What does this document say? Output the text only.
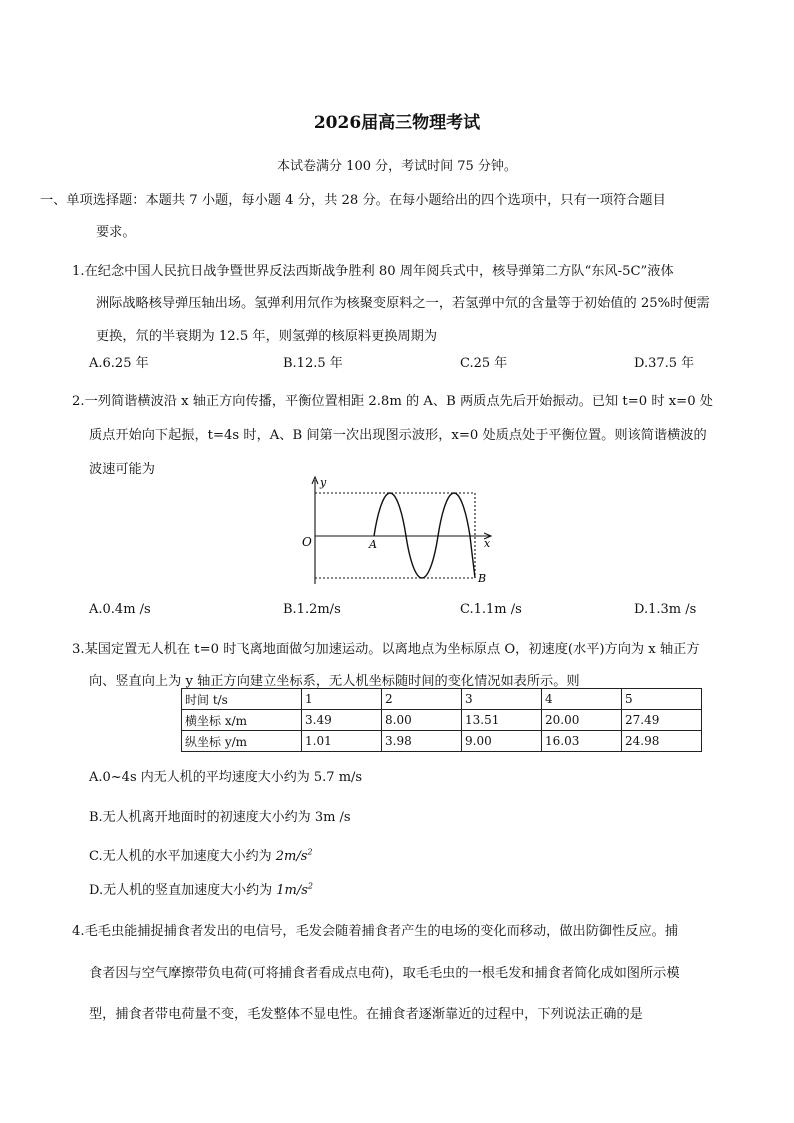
2026届高三物理考试
本试卷满分 100 分，考试时间 75 分钟。
一、单项选择题：本题共 7 小题，每小题 4 分，共 28 分。在每小题给出的四个选项中，只有一项符合题目
要求。
1.在纪念中国人民抗日战争暨世界反法西斯战争胜利 80 周年阅兵式中，核导弹第二方队“东风-5C”液体
洲际战略核导弹压轴出场。氢弹利用氘作为核聚变原料之一，若氢弹中氘的含量等于初始值的 25%时便需
更换，氘的半衰期为 12.5 年，则氢弹的核原料更换周期为
A.6.25 年	B.12.5 年	C.25 年	D.37.5 年
2.一列简谐横波沿 x 轴正方向传播，平衡位置相距 2.8m 的 A、B 两质点先后开始振动。已知 t=0 时 x=0 处
质点开始向下起振，t=4s 时，A、B 间第一次出现图示波形，x=0 处质点处于平衡位置。则该简谐横波的
波速可能为
y
x
O	A
B
A.0.4m /s	B.1.2m/s	C.1.1m /s	D.1.3m /s
3.某国定置无人机在 t=0 时飞离地面做匀加速运动。以离地点为坐标原点 O，初速度(水平)方向为 x 轴正方
向、竖直向上为 y 轴正方向建立坐标系，无人机坐标随时间的变化情况如表所示。则
时间 t/s	1	2	3	4	5
横坐标 x/m	3.49	8.00	13.51	20.00	27.49
纵坐标 y/m	1.01	3.98	9.00	16.03	24.98
A.0~4s 内无人机的平均速度大小约为 5.7 m/s
B.无人机离开地面时的初速度大小约为 3m /s
C.无人机的水平加速度大小约为 $2m/s^2$
D.无人机的竖直加速度大小约为 $1m/s^2$
4.毛毛虫能捕捉捕食者发出的电信号，毛发会随着捕食者产生的电场的变化而移动，做出防御性反应。捕
食者因与空气摩擦带负电荷(可将捕食者看成点电荷)，取毛毛虫的一根毛发和捕食者简化成如图所示模
型，捕食者带电荷量不变，毛发整体不显电性。在捕食者逐渐靠近的过程中，下列说法正确的是
